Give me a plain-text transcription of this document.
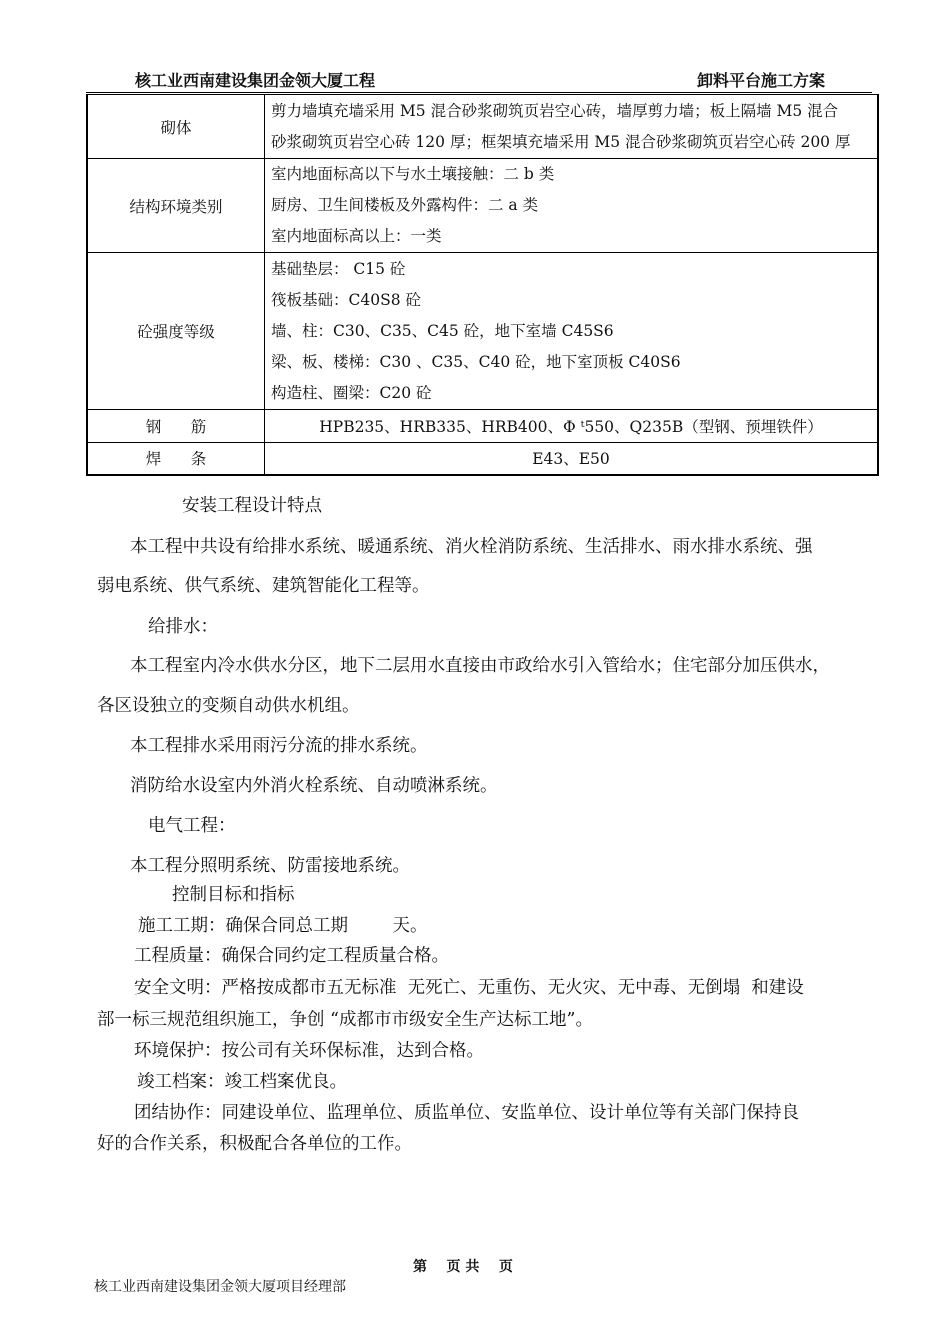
核工业西南建设集团金领大厦工程	卸料平台施工方案
砌体	剪力墙填充墙采用 M5 混合砂浆砌筑页岩空心砖，墙厚剪力墙；板上隔墙 M5 混合
砂浆砌筑页岩空心砖 120 厚；框架填充墙采用 M5 混合砂浆砌筑页岩空心砖 200 厚

结构环境类别	室内地面标高以下与水土壤接触：二 b 类
厨房、卫生间楼板及外露构件：二 a 类
室内地面标高以上：一类

砼强度等级	基础垫层： C15 砼
筏板基础：C40S8 砼
墙、柱：C30、C35、C45 砼，地下室墙 C45S6
梁、板、楼梯：C30 、C35、C40 砼，地下室顶板 C40S6
构造柱、圈梁：C20 砼

钢      筋	HPB235、HRB335、HRB400、Φ ᵗ550、Q235B（型钢、预埋铁件）
焊      条	E43、E50
安装工程设计特点
本工程中共设有给排水系统、暖通系统、消火栓消防系统、生活排水、雨水排水系统、强
弱电系统、供气系统、建筑智能化工程等。
给排水：
本工程室内冷水供水分区，地下二层用水直接由市政给水引入管给水；住宅部分加压供水，
各区设独立的变频自动供水机组。
本工程排水采用雨污分流的排水系统。
消防给水设室内外消火栓系统、自动喷淋系统。
电气工程：
本工程分照明系统、防雷接地系统。
控制目标和指标
施工工期：确保合同总工期        天。
工程质量：确保合同约定工程质量合格。
安全文明：严格按成都市五无标准  无死亡、无重伤、无火灾、无中毒、无倒塌  和建设
部一标三规范组织施工，争创 “成都市市级安全生产达标工地”。
环境保护：按公司有关环保标准，达到合格。
竣工档案：竣工档案优良。
团结协作：同建设单位、监理单位、质监单位、安监单位、设计单位等有关部门保持良
好的合作关系，积极配合各单位的工作。
第    页 共    页
核工业西南建设集团金领大厦项目经理部
